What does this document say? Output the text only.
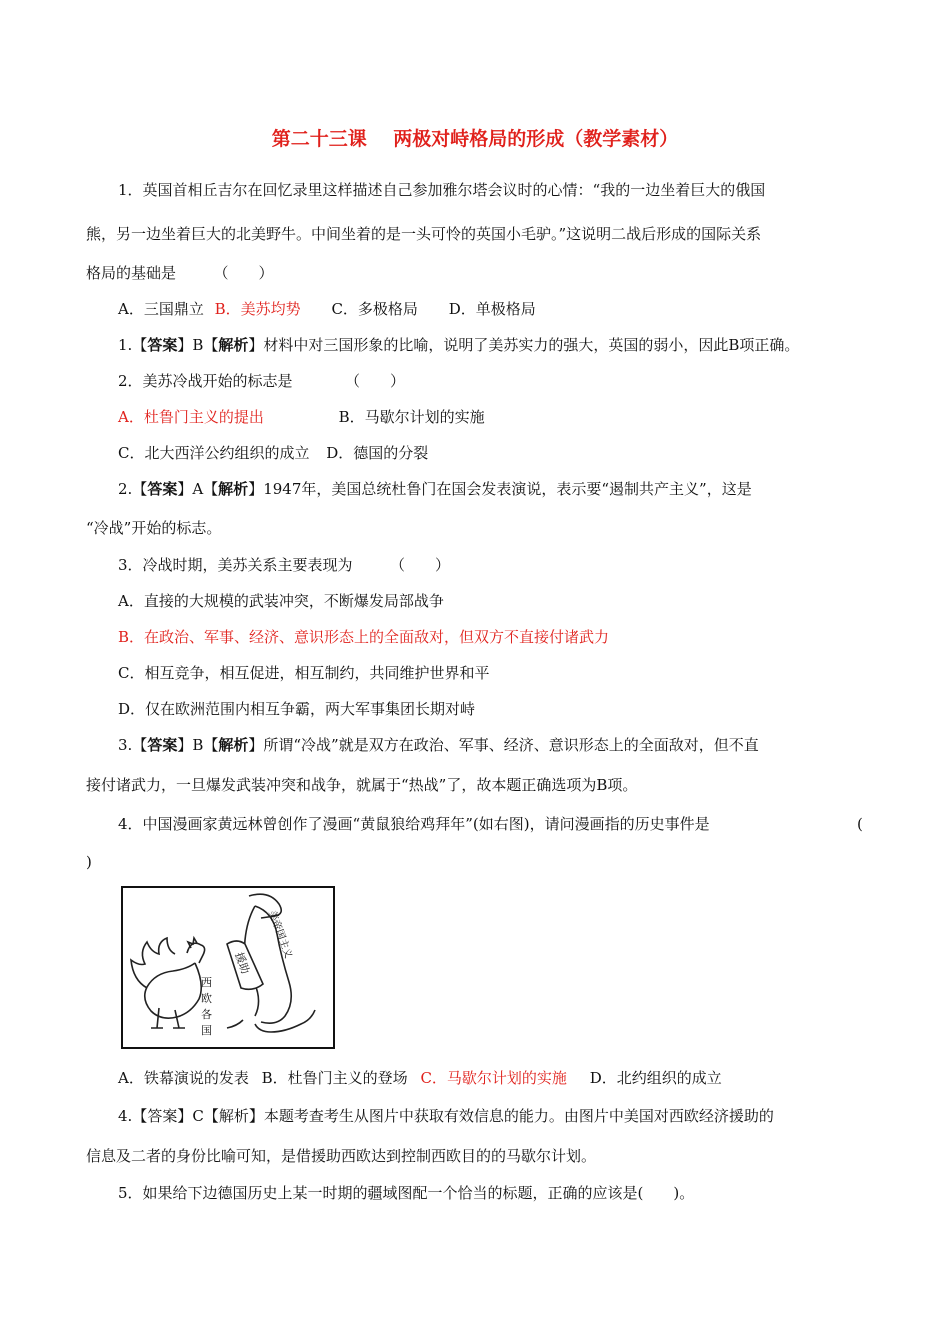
第二十三课    两极对峙格局的形成（教学素材）
1．英国首相丘吉尔在回忆录里这样描述自己参加雅尔塔会议时的心情：“我的一边坐着巨大的俄国
熊，另一边坐着巨大的北美野牛。中间坐着的是一头可怜的英国小毛驴。”这说明二战后形成的国际关系
格局的基础是　　　（　　）
A．三国鼎立 B．美苏均势 C．多极格局 D．单极格局
1.【答案】B【解析】材料中对三国形象的比喻，说明了美苏实力的强大，英国的弱小，因此B项正确。
2．美苏冷战开始的标志是　　　　（　　）
A．杜鲁门主义的提出	B．马歇尔计划的实施
C．北大西洋公约组织的成立 D．德国的分裂
2.【答案】A【解析】1947年，美国总统杜鲁门在国会发表演说，表示要“遏制共产主义”，这是
“冷战”开始的标志。
3．冷战时期，美苏关系主要表现为　　　（　　）
A．直接的大规模的武装冲突，不断爆发局部战争
B．在政治、军事、经济、意识形态上的全面敌对，但双方不直接付诸武力
C．相互竞争，相互促进，相互制约，共同维护世界和平
D．仅在欧洲范围内相互争霸，两大军事集团长期对峙
3.【答案】B【解析】所谓“冷战”就是双方在政治、军事、经济、意识形态上的全面敌对，但不直
接付诸武力，一旦爆发武装冲突和战争，就属于“热战”了，故本题正确选项为B项。
4．中国漫画家黄远林曾创作了漫画“黄鼠狼给鸡拜年”(如右图)，请问漫画指的历史事件是	(
)
西
欧
各
国
美帝国主义
援助
A．铁幕演说的发表 B．杜鲁门主义的登场 C．马歇尔计划的实施 D．北约组织的成立
4.【答案】C【解析】本题考查考生从图片中获取有效信息的能力。由图片中美国对西欧经济援助的
信息及二者的身份比喻可知，是借援助西欧达到控制西欧目的的马歇尔计划。
5．如果给下边德国历史上某一时期的疆域图配一个恰当的标题，正确的应该是(　　)。
